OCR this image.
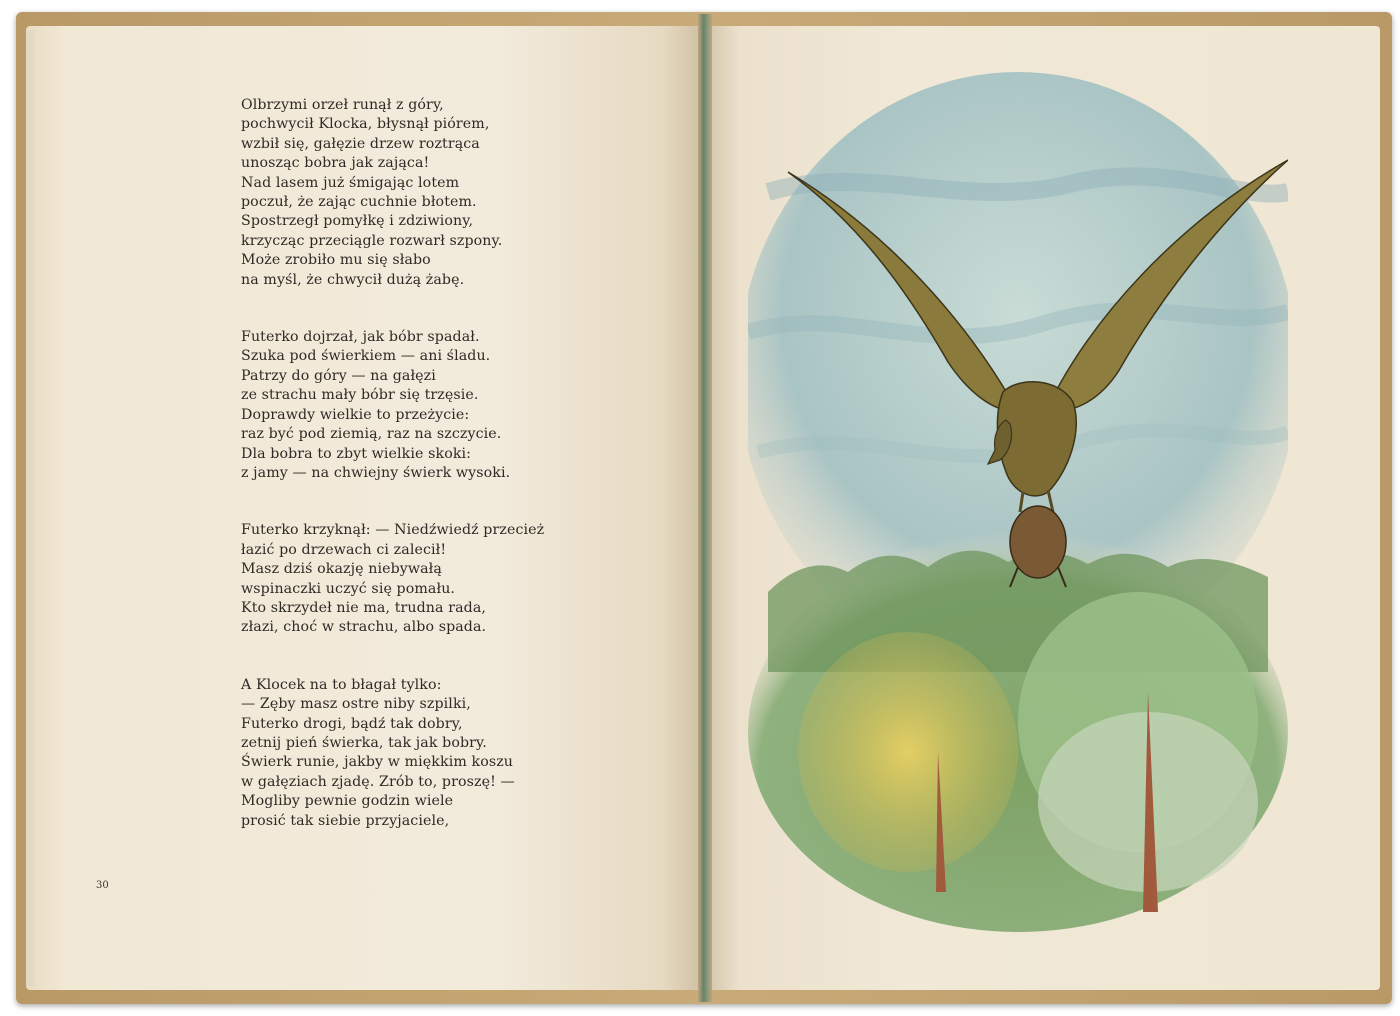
Olbrzymi orzeł runął z góry,
pochwycił Klocka, błysnął piórem,
wzbił się, gałęzie drzew roztrąca
unosząc bobra jak zająca!
Nad lasem już śmigając lotem
poczuł, że zając cuchnie błotem.
Spostrzegł pomyłkę i zdziwiony,
krzycząc przeciągle rozwarł szpony.
Może zrobiło mu się słabo
na myśl, że chwycił dużą żabę.
Futerko dojrzał, jak bóbr spadał.
Szuka pod świerkiem — ani śladu.
Patrzy do góry — na gałęzi
ze strachu mały bóbr się trzęsie.
Doprawdy wielkie to przeżycie:
raz być pod ziemią, raz na szczycie.
Dla bobra to zbyt wielkie skoki:
z jamy — na chwiejny świerk wysoki.
Futerko krzyknął: — Niedźwiedź przecież
łazić po drzewach ci zalecił!
Masz dziś okazję niebywałą
wspinaczki uczyć się pomału.
Kto skrzydeł nie ma, trudna rada,
złazi, choć w strachu, albo spada.
A Klocek na to błagał tylko:
— Zęby masz ostre niby szpilki,
Futerko drogi, bądź tak dobry,
zetnij pień świerka, tak jak bobry.
Świerk runie, jakby w miękkim koszu
w gałęziach zjadę. Zrób to, proszę! —
Mogliby pewnie godzin wiele
prosić tak siebie przyjaciele,
30
